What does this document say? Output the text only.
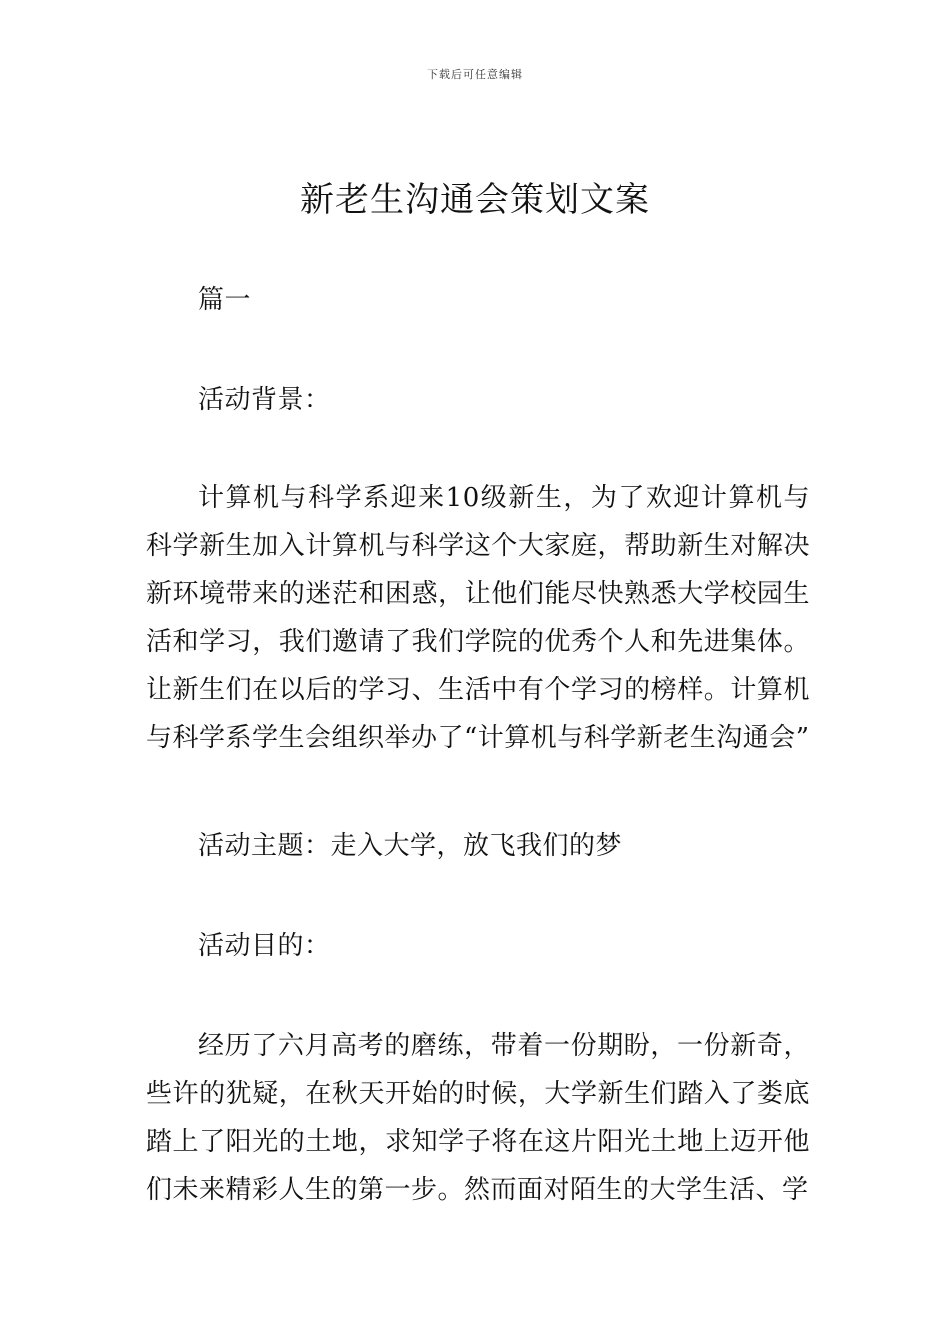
下载后可任意编辑
新老生沟通会策划文案

篇一

活动背景：

计算机与科学系迎来10级新生，为了欢迎计算机与科学新生加入计算机与科学这个大家庭，帮助新生对解决新环境带来的迷茫和困惑，让他们能尽快熟悉大学校园生活和学习，我们邀请了我们学院的优秀个人和先进集体。让新生们在以后的学习、生活中有个学习的榜样。计算机与科学系学生会组织举办了“计算机与科学新老生沟通会”

活动主题：走入大学，放飞我们的梦

活动目的：

经历了六月高考的磨练，带着一份期盼，一份新奇，些许的犹疑，在秋天开始的时候，大学新生们踏入了娄底踏上了阳光的土地，求知学子将在这片阳光土地上迈开他们未来精彩人生的第一步。然而面对陌生的大学生活、学
